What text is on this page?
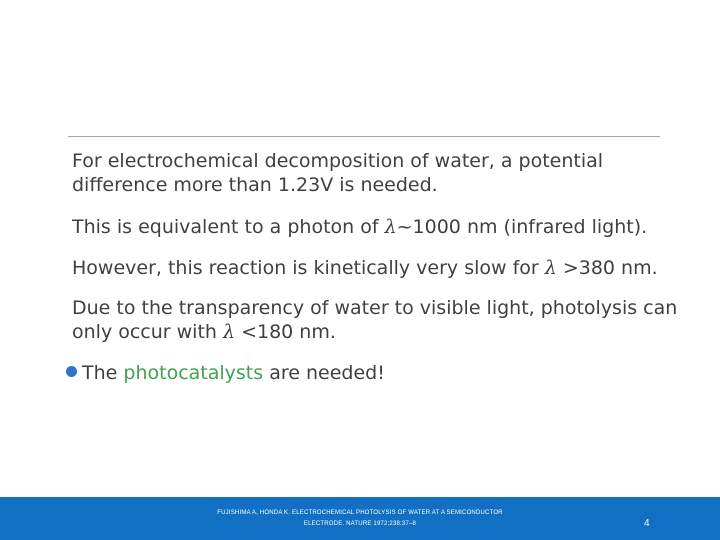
For electrochemical decomposition of water, a potential difference more than 1.23V is needed.
This is equivalent to a photon of λ~1000 nm (infrared light).
However, this reaction is kinetically very slow for λ >380 nm.
Due to the transparency of water to visible light, photolysis can only occur with λ <180 nm.
The photocatalysts are needed!
FUJISHIMA A, HONDA K. ELECTROCHEMICAL PHOTOLYSIS OF WATER AT A SEMICONDUCTOR ELECTRODE. NATURE 1972;238:37–8	4
